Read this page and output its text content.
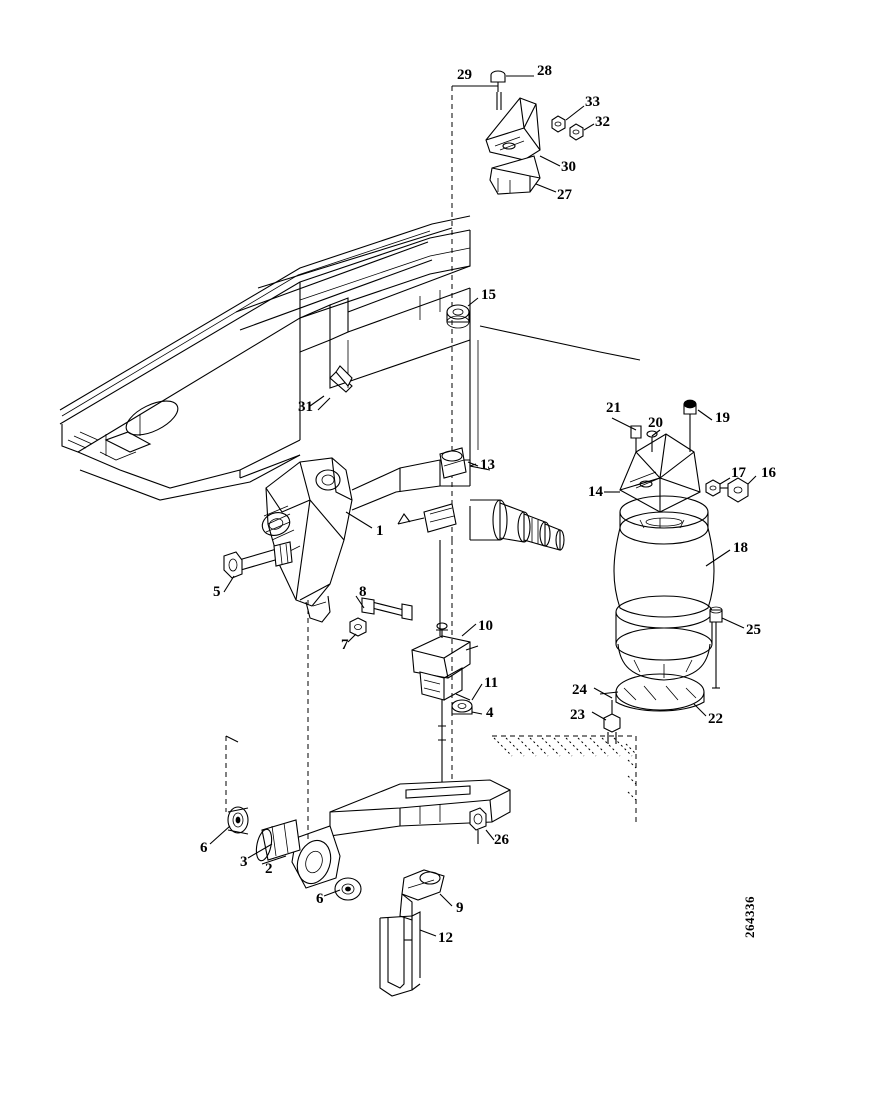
1
2
3
4
5
6
6
7
8
9
10
11
12
13
14
15
16
17
18
19
20
21
22
23
24
25
26
27
28
29
30
31
32
33
264336
